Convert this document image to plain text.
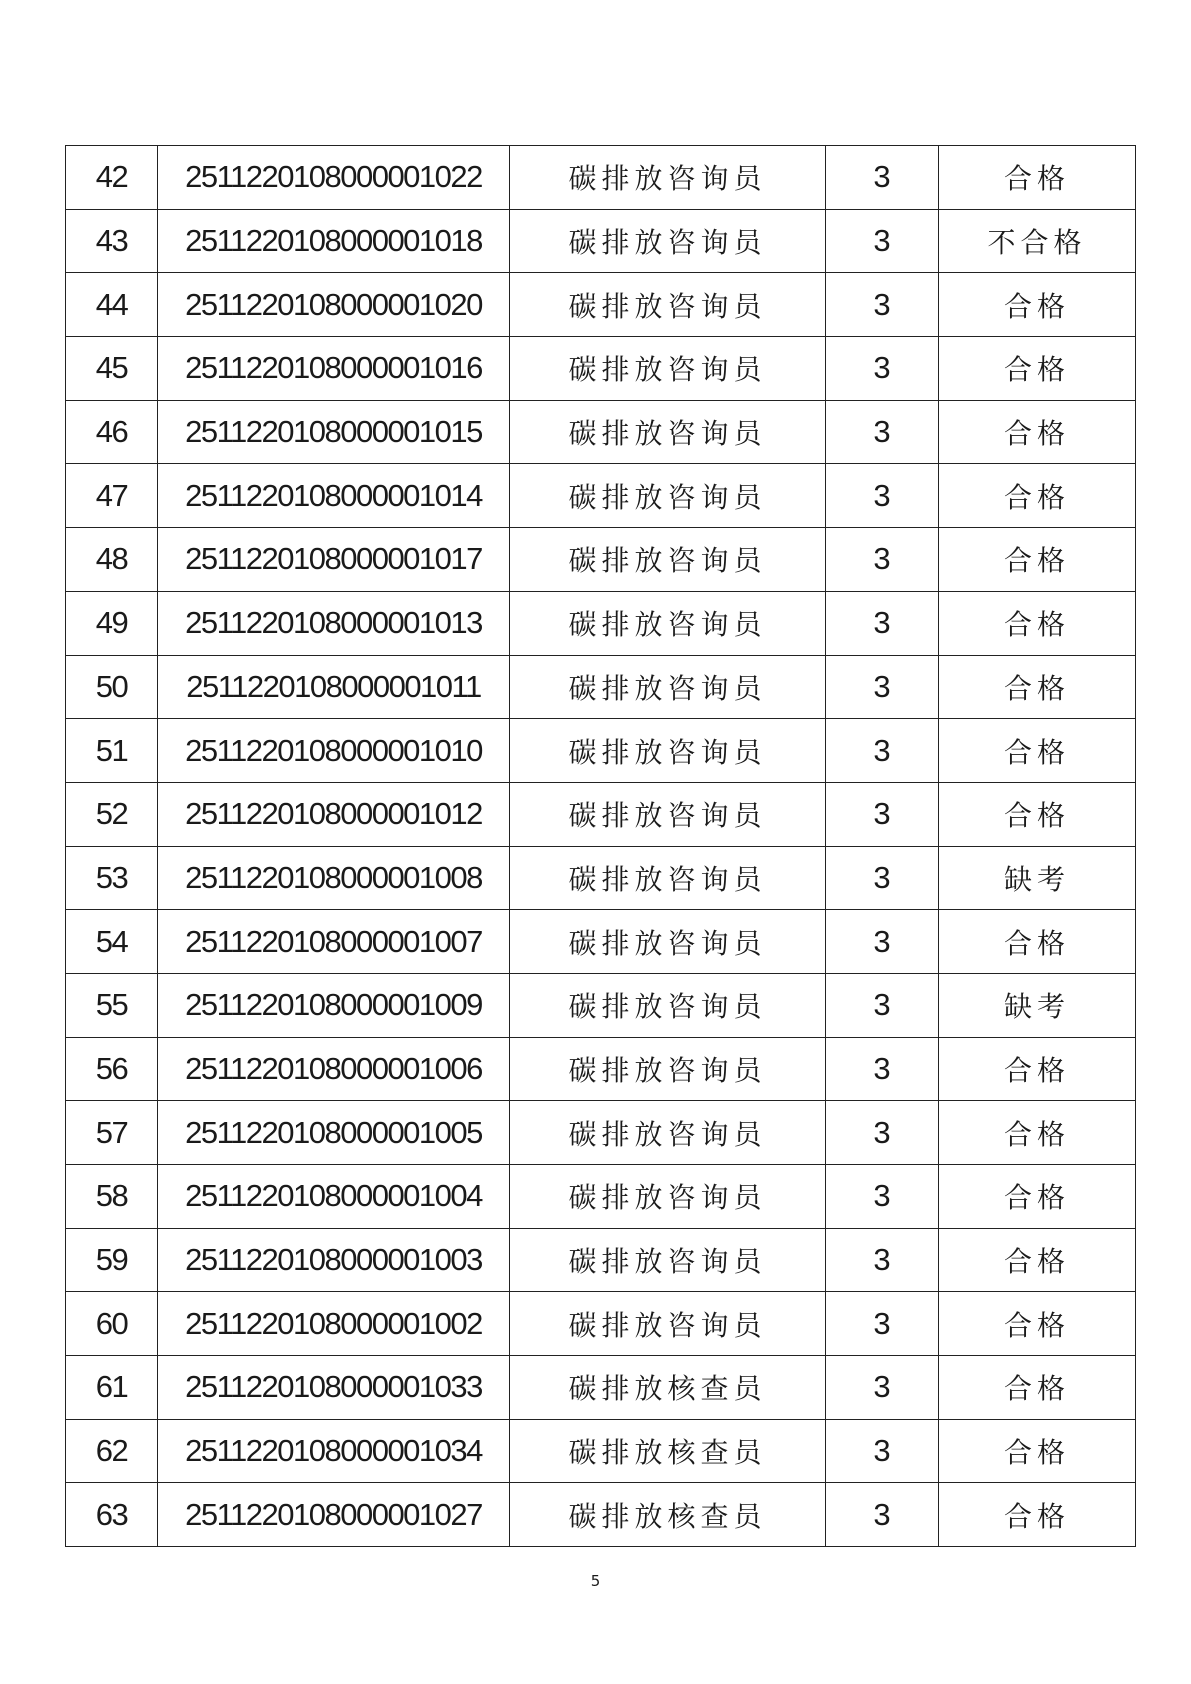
42	251122010800000102​2	碳排放咨询员	3	合格
43	2511220108000001018	碳排放咨询员	3	不合格
44	2511220108000001020	碳排放咨询员	3	合格
45	2511220108000001016	碳排放咨询员	3	合格
46	2511220108000001015	碳排放咨询员	3	合格
47	2511220108000001014	碳排放咨询员	3	合格
48	2511220108000001017	碳排放咨询员	3	合格
49	2511220108000001013	碳排放咨询员	3	合格
50	2511220108000001011	碳排放咨询员	3	合格
51	2511220108000001010	碳排放咨询员	3	合格
52	2511220108000001012	碳排放咨询员	3	合格
53	2511220108000001008	碳排放咨询员	3	缺考
54	2511220108000001007	碳排放咨询员	3	合格
55	2511220108000001009	碳排放咨询员	3	缺考
56	2511220108000001006	碳排放咨询员	3	合格
57	2511220108000001005	碳排放咨询员	3	合格
58	2511220108000001004	碳排放咨询员	3	合格
59	2511220108000001003	碳排放咨询员	3	合格
60	2511220108000001002	碳排放咨询员	3	合格
61	2511220108000001033	碳排放核查员	3	合格
62	2511220108000001034	碳排放核查员	3	合格
63	2511220108000001027	碳排放核查员	3	合格
5
